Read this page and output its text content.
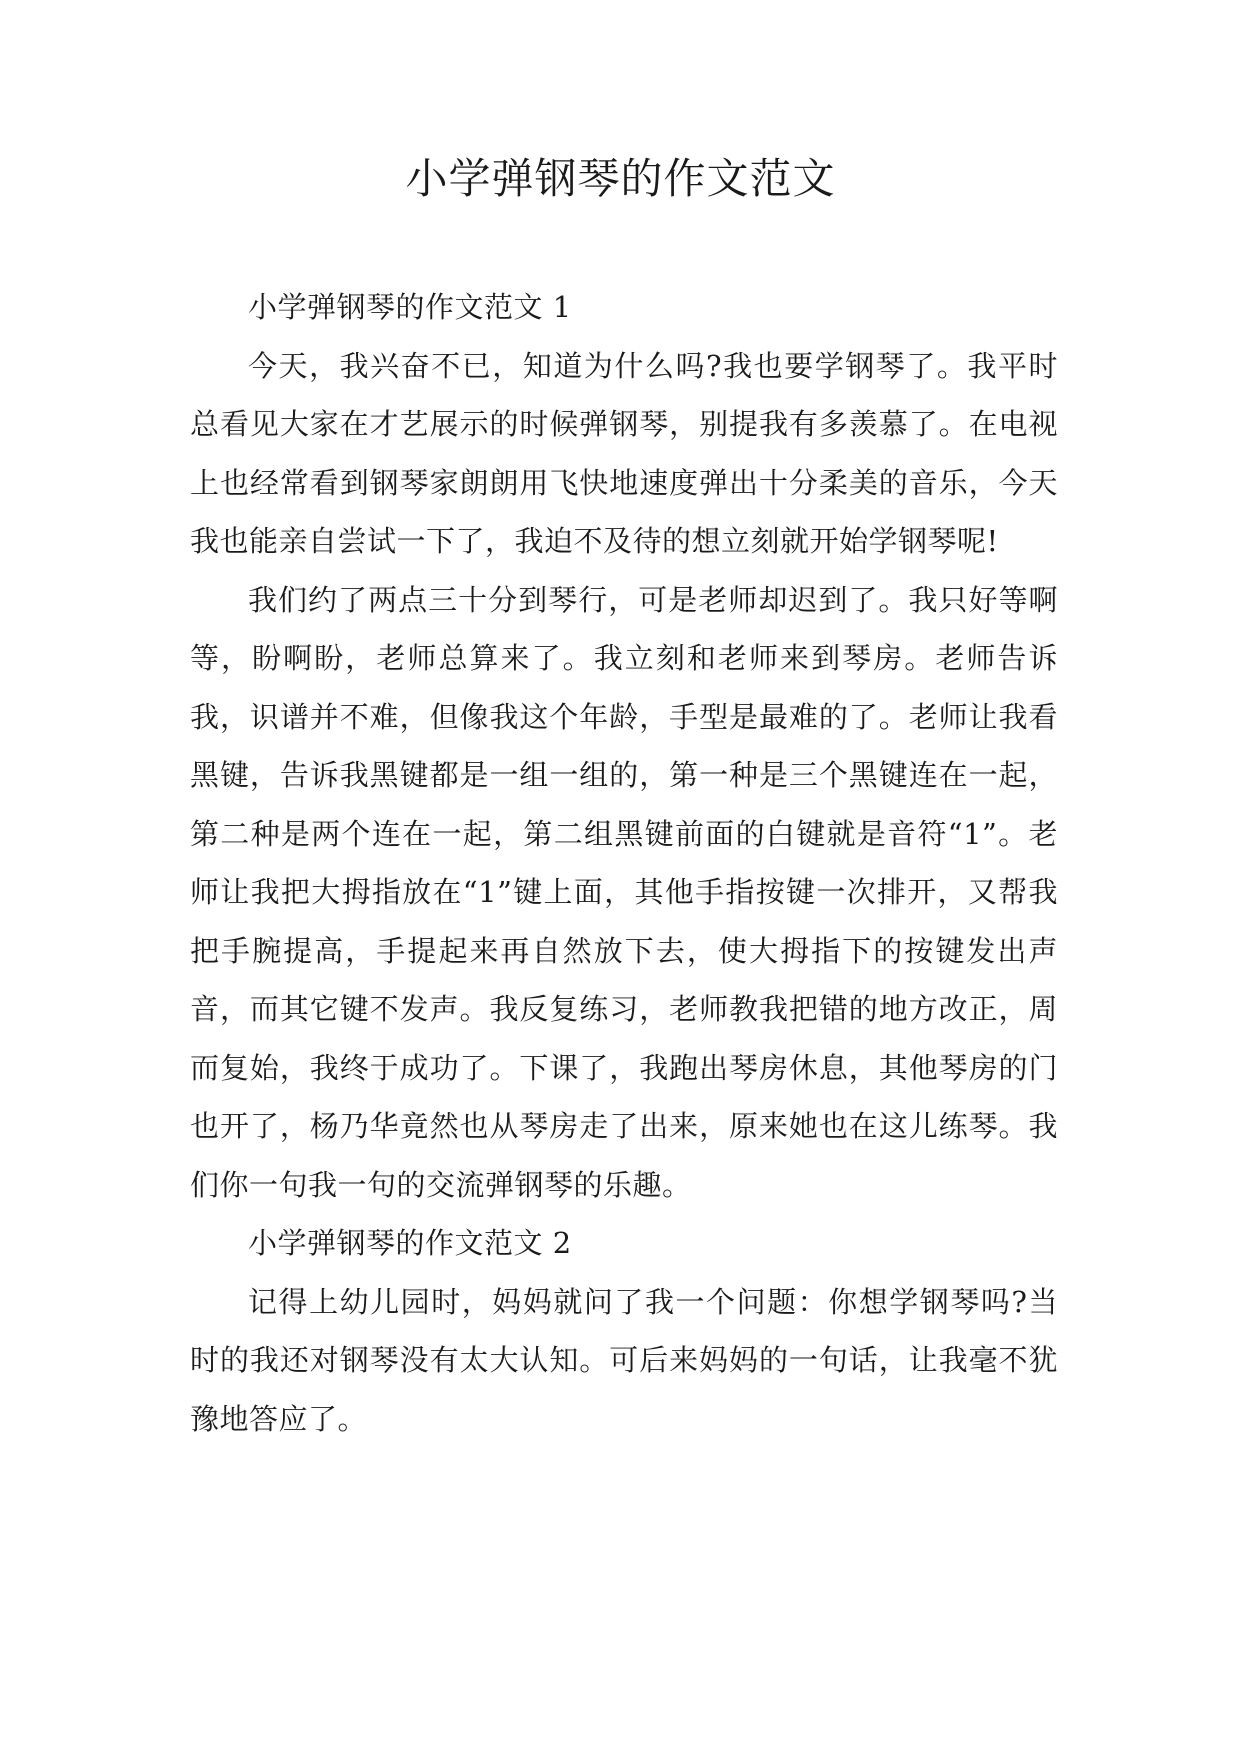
小学弹钢琴的作文范文

小学弹钢琴的作文范文 1

今天，我兴奋不已，知道为什么吗?我也要学钢琴了。我平时总看见大家在才艺展示的时候弹钢琴，别提我有多羡慕了。在电视上也经常看到钢琴家朗朗用飞快地速度弹出十分柔美的音乐，今天我也能亲自尝试一下了，我迫不及待的想立刻就开始学钢琴呢!

我们约了两点三十分到琴行，可是老师却迟到了。我只好等啊等，盼啊盼，老师总算来了。我立刻和老师来到琴房。老师告诉我，识谱并不难，但像我这个年龄，手型是最难的了。老师让我看黑键，告诉我黑键都是一组一组的，第一种是三个黑键连在一起，第二种是两个连在一起，第二组黑键前面的白键就是音符“1”。老师让我把大拇指放在“1”键上面，其他手指按键一次排开，又帮我把手腕提高，手提起来再自然放下去，使大拇指下的按键发出声音，而其它键不发声。我反复练习，老师教我把错的地方改正，周而复始，我终于成功了。下课了，我跑出琴房休息，其他琴房的门也开了，杨乃华竟然也从琴房走了出来，原来她也在这儿练琴。我们你一句我一句的交流弹钢琴的乐趣。

小学弹钢琴的作文范文 2

记得上幼儿园时，妈妈就问了我一个问题：你想学钢琴吗?当时的我还对钢琴没有太大认知。可后来妈妈的一句话，让我毫不犹豫地答应了。
